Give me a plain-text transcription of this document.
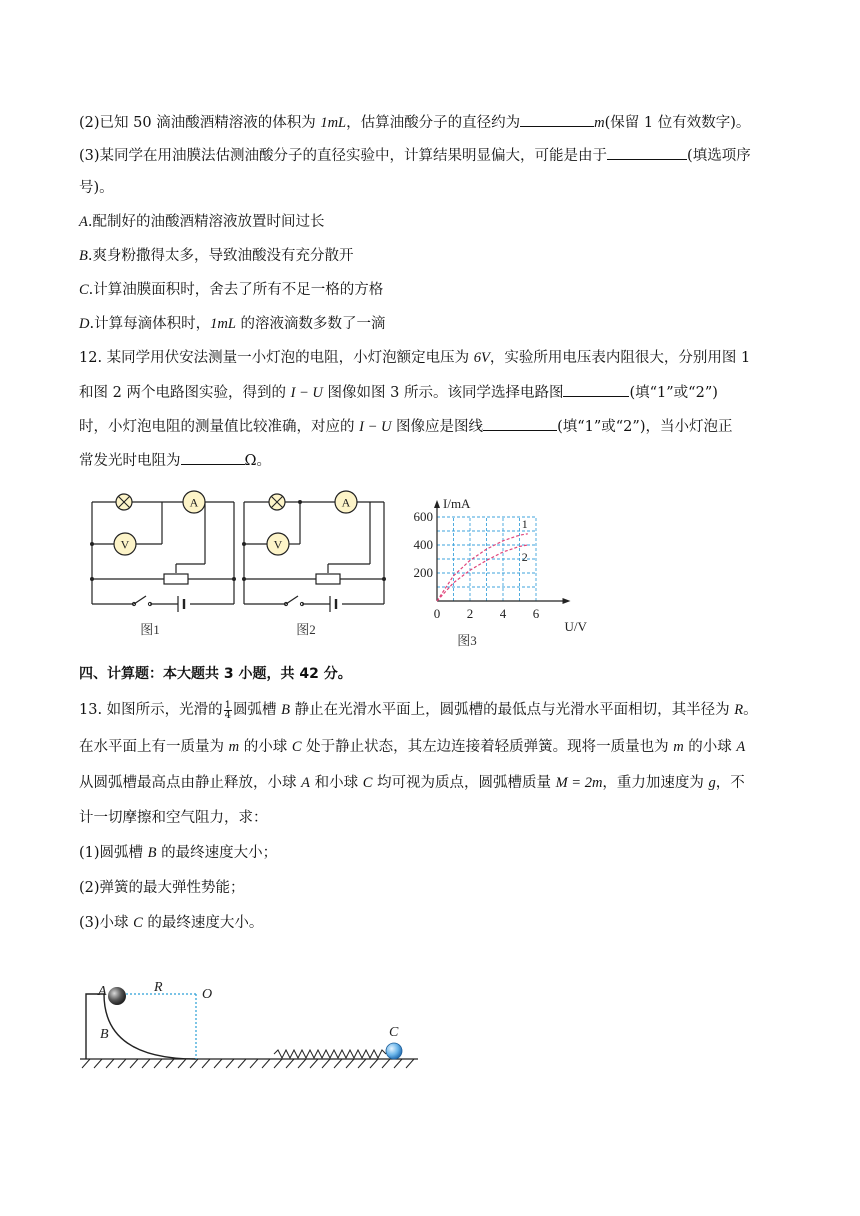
(2)已知 50 滴油酸酒精溶液的体积为 1mL，估算油酸分子的直径约为	m(保留 1 位有效数字)。
(3)某同学在用油膜法估测油酸分子的直径实验中，计算结果明显偏大，可能是由于	(填选项序
号)。
A.配制好的油酸酒精溶液放置时间过长
B.爽身粉撒得太多，导致油酸没有充分散开
C.计算油膜面积时，舍去了所有不足一格的方格
D.计算每滴体积时，1mL 的溶液滴数多数了一滴
12. 某同学用伏安法测量一小灯泡的电阻，小灯泡额定电压为 6V，实验所用电压表内阻很大，分别用图 1
和图 2 两个电路图实验，得到的 I − U 图像如图 3 所示。该同学选择电路图	(填“1”或“2”)
时，小灯泡电阻的测量值比较准确，对应的 I − U 图像应是图线	(填“1”或“2”)，当小灯泡正
常发光时电阻为	Ω。
A
V
图1
A
V
图2
I/mA
U/V
0 2 4 6
200
400
600	1
2
图3
四、计算题：本大题共 3 小题，共 42 分。
13. 如图所示，光滑的 $\frac{1}{4}$ 圆弧槽 B 静止在光滑水平面上，圆弧槽的最低点与光滑水平面相切，其半径为 R。
在水平面上有一质量为 m 的小球 C 处于静止状态，其左边连接着轻质弹簧。现将一质量也为 m 的小球 A
从圆弧槽最高点由静止释放，小球 A 和小球 C 均可视为质点，圆弧槽质量 M = 2m，重力加速度为 g，不
计一切摩擦和空气阻力，求：
(1)圆弧槽 B 的最终速度大小；
(2)弹簧的最大弹性势能；
(3)小球 C 的最终速度大小。
A	R	O
B	C
